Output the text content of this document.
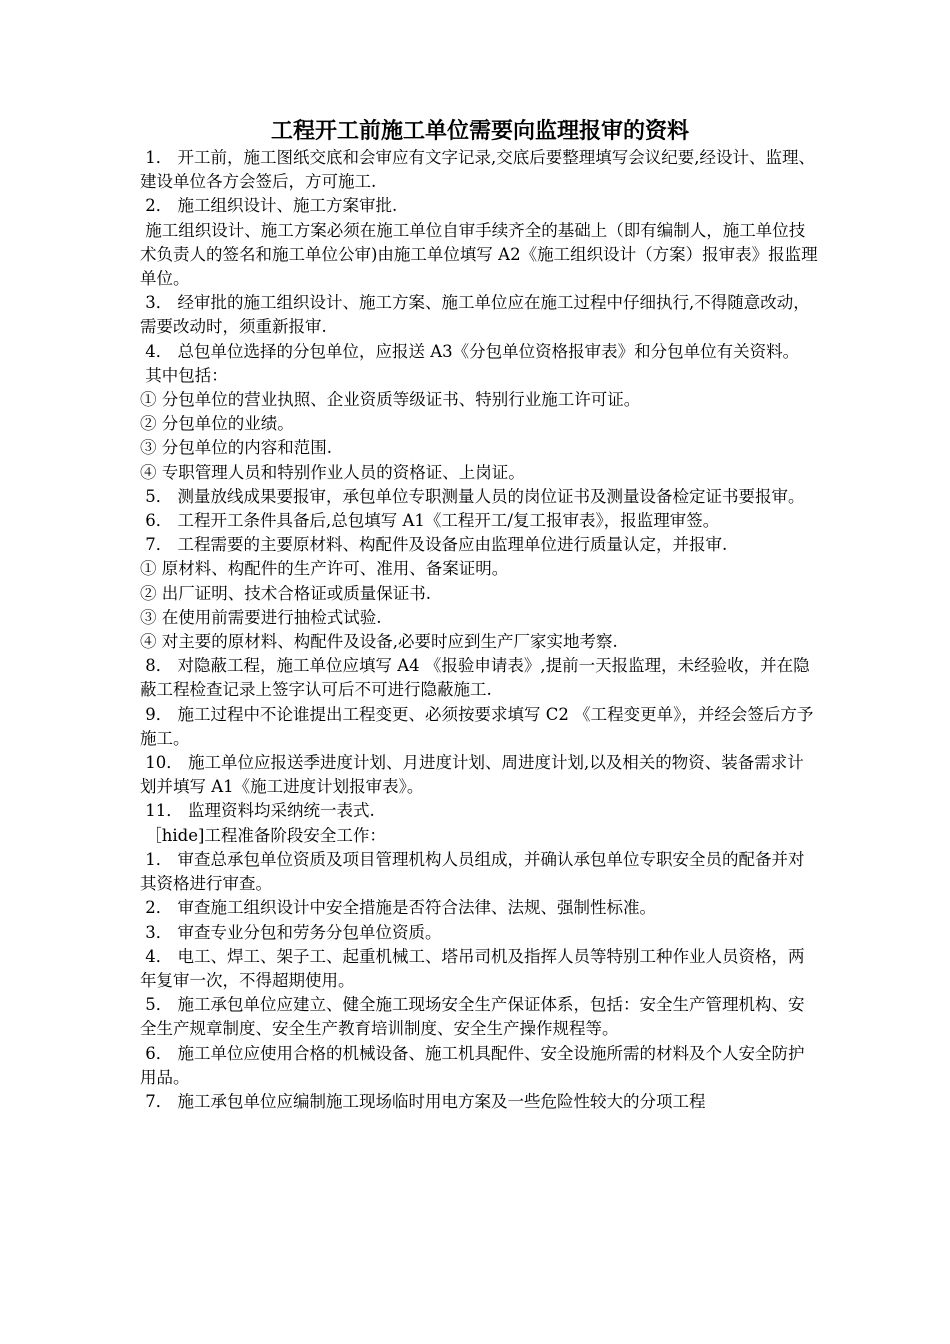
工程开工前施工单位需要向监理报审的资料

1． 开工前，施工图纸交底和会审应有文字记录,交底后要整理填写会议纪要,经设计、监理、建设单位各方会签后，方可施工.

2． 施工组织设计、施工方案审批.

施工组织设计、施工方案必须在施工单位自审手续齐全的基础上（即有编制人，施工单位技术负责人的签名和施工单位公审)由施工单位填写 A2《施工组织设计（方案）报审表》报监理单位。

3． 经审批的施工组织设计、施工方案、施工单位应在施工过程中仔细执行,不得随意改动，需要改动时，须重新报审.

4． 总包单位选择的分包单位，应报送 A3《分包单位资格报审表》和分包单位有关资料。

其中包括：

① 分包单位的营业执照、企业资质等级证书、特别行业施工许可证。

② 分包单位的业绩。

③ 分包单位的内容和范围.

④ 专职管理人员和特别作业人员的资格证、上岗证。

5． 测量放线成果要报审，承包单位专职测量人员的岗位证书及测量设备检定证书要报审。

6． 工程开工条件具备后,总包填写 A1《工程开工/复工报审表》，报监理审签。

7． 工程需要的主要原材料、构配件及设备应由监理单位进行质量认定，并报审.

① 原材料、构配件的生产许可、准用、备案证明。

② 出厂证明、技术合格证或质量保证书.

③ 在使用前需要进行抽检式试验.

④ 对主要的原材料、构配件及设备,必要时应到生产厂家实地考察.

8． 对隐蔽工程，施工单位应填写 A4 《报验申请表》,提前一天报监理，未经验收，并在隐蔽工程检查记录上签字认可后不可进行隐蔽施工.

9． 施工过程中不论谁提出工程变更、必须按要求填写 C2 《工程变更单》，并经会签后方予施工。

10． 施工单位应报送季进度计划、月进度计划、周进度计划,以及相关的物资、装备需求计划并填写 A1《施工进度计划报审表》。

11． 监理资料均采纳统一表式.

［hide]工程准备阶段安全工作：

1． 审查总承包单位资质及项目管理机构人员组成，并确认承包单位专职安全员的配备并对其资格进行审查。

2． 审查施工组织设计中安全措施是否符合法律、法规、强制性标准。

3． 审查专业分包和劳务分包单位资质。

4． 电工、焊工、架子工、起重机械工、塔吊司机及指挥人员等特别工种作业人员资格，两年复审一次，不得超期使用。

5． 施工承包单位应建立、健全施工现场安全生产保证体系，包括：安全生产管理机构、安全生产规章制度、安全生产教育培训制度、安全生产操作规程等。

6． 施工单位应使用合格的机械设备、施工机具配件、安全设施所需的材料及个人安全防护用品。

7． 施工承包单位应编制施工现场临时用电方案及一些危险性较大的分项工程
